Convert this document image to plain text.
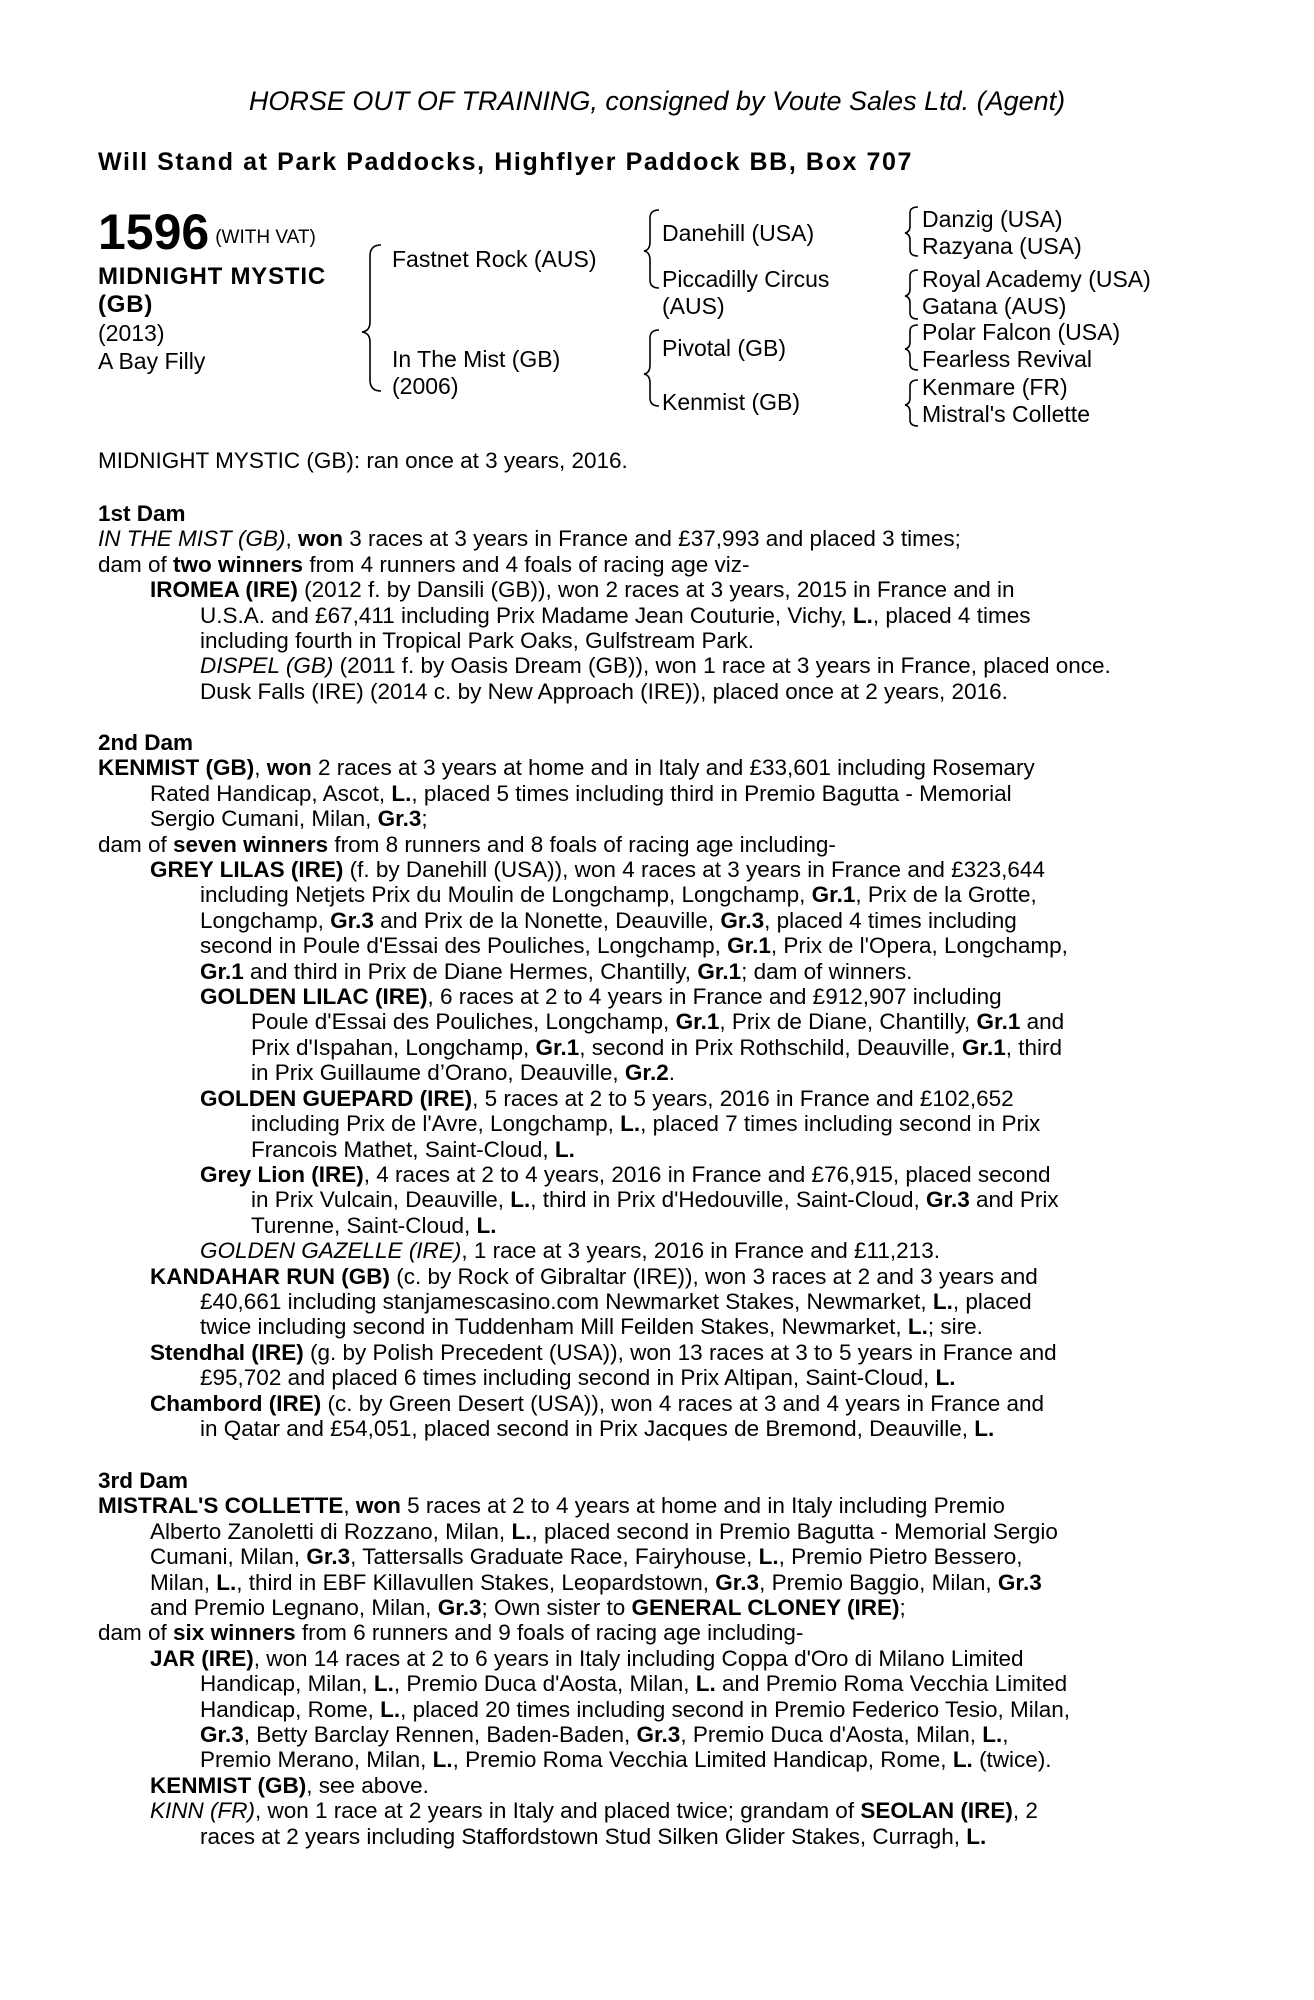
HORSE OUT OF TRAINING, consigned by Voute Sales Ltd. (Agent)
Will Stand at Park Paddocks, Highflyer Paddock BB, Box 707
1596 (WITH VAT)
MIDNIGHT MYSTIC
(GB)
(2013)
A Bay Filly
Fastnet Rock (AUS)
In The Mist (GB)
(2006)
Danehill (USA)
Piccadilly Circus
(AUS)
Pivotal (GB)
Kenmist (GB)
Danzig (USA)
Razyana (USA)
Royal Academy (USA)
Gatana (AUS)
Polar Falcon (USA)
Fearless Revival
Kenmare (FR)
Mistral's Collette
MIDNIGHT MYSTIC (GB): ran once at 3 years, 2016.
1st Dam
IN THE MIST (GB), won 3 races at 3 years in France and £37,993 and placed 3 times;
dam of two winners from 4 runners and 4 foals of racing age viz-
IROMEA (IRE) (2012 f. by Dansili (GB)), won 2 races at 3 years, 2015 in France and in
U.S.A. and £67,411 including Prix Madame Jean Couturie, Vichy, L., placed 4 times
including fourth in Tropical Park Oaks, Gulfstream Park.
DISPEL (GB) (2011 f. by Oasis Dream (GB)), won 1 race at 3 years in France, placed once.
Dusk Falls (IRE) (2014 c. by New Approach (IRE)), placed once at 2 years, 2016.
2nd Dam
KENMIST (GB), won 2 races at 3 years at home and in Italy and £33,601 including Rosemary
Rated Handicap, Ascot, L., placed 5 times including third in Premio Bagutta - Memorial
Sergio Cumani, Milan, Gr.3;
dam of seven winners from 8 runners and 8 foals of racing age including-
GREY LILAS (IRE) (f. by Danehill (USA)), won 4 races at 3 years in France and £323,644
including Netjets Prix du Moulin de Longchamp, Longchamp, Gr.1, Prix de la Grotte,
Longchamp, Gr.3 and Prix de la Nonette, Deauville, Gr.3, placed 4 times including
second in Poule d'Essai des Pouliches, Longchamp, Gr.1, Prix de l'Opera, Longchamp,
Gr.1 and third in Prix de Diane Hermes, Chantilly, Gr.1; dam of winners.
GOLDEN LILAC (IRE), 6 races at 2 to 4 years in France and £912,907 including
Poule d'Essai des Pouliches, Longchamp, Gr.1, Prix de Diane, Chantilly, Gr.1 and
Prix d'Ispahan, Longchamp, Gr.1, second in Prix Rothschild, Deauville, Gr.1, third
in Prix Guillaume d’Orano, Deauville, Gr.2.
GOLDEN GUEPARD (IRE), 5 races at 2 to 5 years, 2016 in France and £102,652
including Prix de l'Avre, Longchamp, L., placed 7 times including second in Prix
Francois Mathet, Saint-Cloud, L.
Grey Lion (IRE), 4 races at 2 to 4 years, 2016 in France and £76,915, placed second
in Prix Vulcain, Deauville, L., third in Prix d'Hedouville, Saint-Cloud, Gr.3 and Prix
Turenne, Saint-Cloud, L.
GOLDEN GAZELLE (IRE), 1 race at 3 years, 2016 in France and £11,213.
KANDAHAR RUN (GB) (c. by Rock of Gibraltar (IRE)), won 3 races at 2 and 3 years and
£40,661 including stanjamescasino.com Newmarket Stakes, Newmarket, L., placed
twice including second in Tuddenham Mill Feilden Stakes, Newmarket, L.; sire.
Stendhal (IRE) (g. by Polish Precedent (USA)), won 13 races at 3 to 5 years in France and
£95,702 and placed 6 times including second in Prix Altipan, Saint-Cloud, L.
Chambord (IRE) (c. by Green Desert (USA)), won 4 races at 3 and 4 years in France and
in Qatar and £54,051, placed second in Prix Jacques de Bremond, Deauville, L.
3rd Dam
MISTRAL'S COLLETTE, won 5 races at 2 to 4 years at home and in Italy including Premio
Alberto Zanoletti di Rozzano, Milan, L., placed second in Premio Bagutta - Memorial Sergio
Cumani, Milan, Gr.3, Tattersalls Graduate Race, Fairyhouse, L., Premio Pietro Bessero,
Milan, L., third in EBF Killavullen Stakes, Leopardstown, Gr.3, Premio Baggio, Milan, Gr.3
and Premio Legnano, Milan, Gr.3; Own sister to GENERAL CLONEY (IRE);
dam of six winners from 6 runners and 9 foals of racing age including-
JAR (IRE), won 14 races at 2 to 6 years in Italy including Coppa d'Oro di Milano Limited
Handicap, Milan, L., Premio Duca d'Aosta, Milan, L. and Premio Roma Vecchia Limited
Handicap, Rome, L., placed 20 times including second in Premio Federico Tesio, Milan,
Gr.3, Betty Barclay Rennen, Baden-Baden, Gr.3, Premio Duca d'Aosta, Milan, L.,
Premio Merano, Milan, L., Premio Roma Vecchia Limited Handicap, Rome, L. (twice).
KENMIST (GB), see above.
KINN (FR), won 1 race at 2 years in Italy and placed twice; grandam of SEOLAN (IRE), 2
races at 2 years including Staffordstown Stud Silken Glider Stakes, Curragh, L.
